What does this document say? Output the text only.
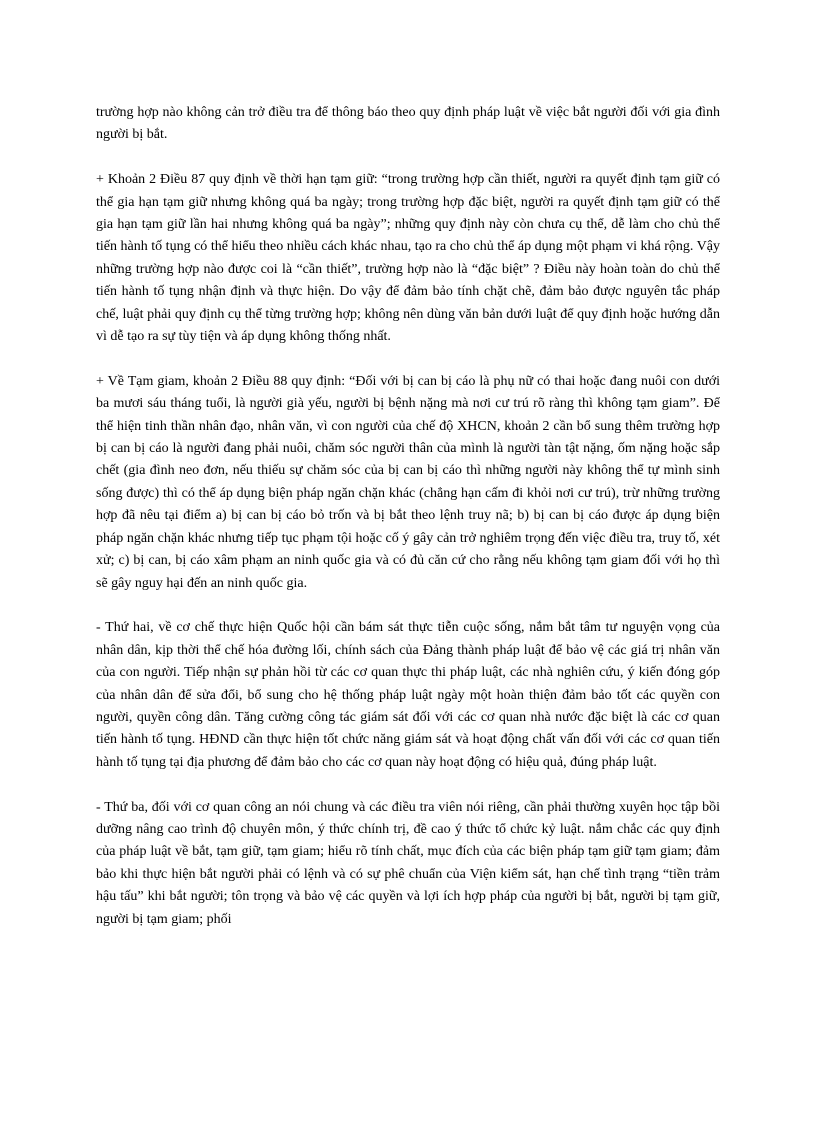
trường hợp nào không cản trở điều tra để thông báo theo quy định pháp luật về việc bắt người đối với gia đình người bị bắt.

+ Khoản 2 Điều 87 quy định về thời hạn tạm giữ: “trong trường hợp cần thiết, người ra quyết định tạm giữ có thể gia hạn tạm giữ nhưng không quá ba ngày; trong trường hợp đặc biệt, người ra quyết định tạm giữ có thể gia hạn tạm giữ lần hai nhưng không quá ba ngày”; những quy định này còn chưa cụ thể, dễ làm cho chủ thể tiến hành tố tụng có thể hiểu theo nhiều cách khác nhau, tạo ra cho chủ thể áp dụng một phạm vi khá rộng. Vậy những trường hợp nào được coi là “cần thiết”, trường hợp nào là “đặc biệt” ? Điều này hoàn toàn do chủ thể tiến hành tố tụng nhận định và thực hiện. Do vậy để đảm bảo tính chặt chẽ, đảm bảo được nguyên tắc pháp chế, luật phải quy định cụ thể từng trường hợp; không nên dùng văn bản dưới luật để quy định hoặc hướng dẫn vì dễ tạo ra sự tùy tiện và áp dụng không thống nhất.

+ Về Tạm giam, khoản 2 Điều 88 quy định: “Đối với bị can bị cáo là phụ nữ có thai hoặc đang nuôi con dưới ba mươi sáu tháng tuổi, là người già yếu, người bị bệnh nặng mà nơi cư trú rõ ràng thì không tạm giam”. Để thể hiện tinh thần nhân đạo, nhân văn, vì con người của chế độ XHCN, khoản 2 cần bổ sung thêm trường hợp bị can bị cáo là người đang phải nuôi, chăm sóc người thân của mình là người tàn tật nặng, ốm nặng hoặc sắp chết (gia đình neo đơn, nếu thiếu sự chăm sóc của bị can bị cáo thì những người này không thể tự mình sinh sống được) thì có thể áp dụng biện pháp ngăn chặn khác (chẳng hạn cấm đi khỏi nơi cư trú), trừ những trường hợp đã nêu tại điểm a) bị can bị cáo bỏ trốn và bị bắt theo lệnh truy nã; b) bị can bị cáo được áp dụng biện pháp ngăn chặn khác nhưng tiếp tục phạm tội hoặc cố ý gây cản trở nghiêm trọng đến việc điều tra, truy tố, xét xử; c) bị can, bị cáo xâm phạm an ninh quốc gia và có đủ căn cứ cho rằng nếu không tạm giam đối với họ thì sẽ gây nguy hại đến an ninh quốc gia.

- Thứ hai, về cơ chế thực hiện Quốc hội cần bám sát thực tiễn cuộc sống, nắm bắt tâm tư nguyện vọng của nhân dân, kịp thời thể chế hóa đường lối, chính sách của Đảng thành pháp luật để bảo vệ các giá trị nhân văn của con người. Tiếp nhận sự phản hồi từ các cơ quan thực thi pháp luật, các nhà nghiên cứu, ý kiến đóng góp của nhân dân để sửa đổi, bổ sung cho hệ thống pháp luật ngày một hoàn thiện đảm bảo tốt các quyền con người, quyền công dân. Tăng cường công tác giám sát đối với các cơ quan nhà nước đặc biệt là các cơ quan tiến hành tố tụng. HĐND cần thực hiện tốt chức năng giám sát và hoạt động chất vấn đối với các cơ quan tiến hành tố tụng tại địa phương để đảm bảo cho các cơ quan này hoạt động có hiệu quả, đúng pháp luật.

- Thứ ba, đối với cơ quan công an nói chung và các điều tra viên nói riêng, cần phải thường xuyên học tập bồi dưỡng nâng cao trình độ chuyên môn, ý thức chính trị, đề cao ý thức tổ chức kỷ luật. nắm chắc các quy định của pháp luật về bắt, tạm giữ, tạm giam; hiểu rõ tính chất, mục đích của các biện pháp tạm giữ tạm giam; đảm bảo khi thực hiện bắt người phải có lệnh và có sự phê chuẩn của Viện kiểm sát, hạn chế tình trạng “tiền trảm hậu tấu” khi bắt người; tôn trọng và bảo vệ các quyền và lợi ích hợp pháp của người bị bắt, người bị tạm giữ, người bị tạm giam; phối
